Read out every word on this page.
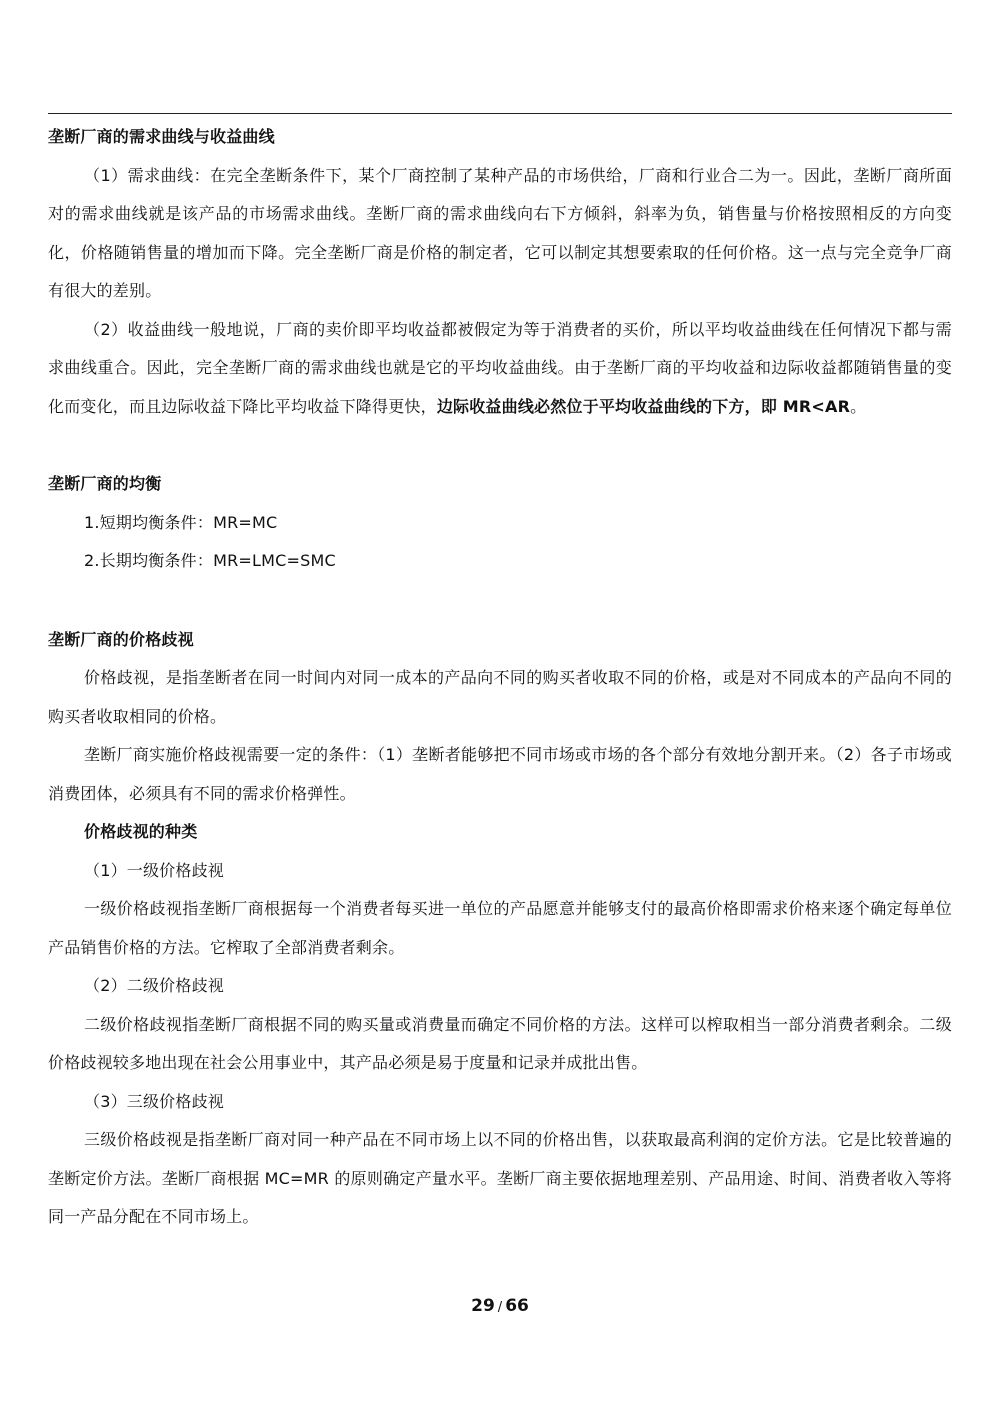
垄断厂商的需求曲线与收益曲线

（1）需求曲线：在完全垄断条件下，某个厂商控制了某种产品的市场供给，厂商和行业合二为一。因此，垄断厂商所面对的需求曲线就是该产品的市场需求曲线。垄断厂商的需求曲线向右下方倾斜，斜率为负，销售量与价格按照相反的方向变化，价格随销售量的增加而下降。完全垄断厂商是价格的制定者，它可以制定其想要索取的任何价格。这一点与完全竞争厂商有很大的差别。

（2）收益曲线一般地说，厂商的卖价即平均收益都被假定为等于消费者的买价，所以平均收益曲线在任何情况下都与需求曲线重合。因此，完全垄断厂商的需求曲线也就是它的平均收益曲线。由于垄断厂商的平均收益和边际收益都随销售量的变化而变化，而且边际收益下降比平均收益下降得更快，边际收益曲线必然位于平均收益曲线的下方，即 MR<AR。

垄断厂商的均衡

1.短期均衡条件：MR=MC

2.长期均衡条件：MR=LMC=SMC

垄断厂商的价格歧视

价格歧视，是指垄断者在同一时间内对同一成本的产品向不同的购买者收取不同的价格，或是对不同成本的产品向不同的购买者收取相同的价格。

垄断厂商实施价格歧视需要一定的条件：（1）垄断者能够把不同市场或市场的各个部分有效地分割开来。（2）各子市场或消费团体，必须具有不同的需求价格弹性。

价格歧视的种类

（1）一级价格歧视

一级价格歧视指垄断厂商根据每一个消费者每买进一单位的产品愿意并能够支付的最高价格即需求价格来逐个确定每单位产品销售价格的方法。它榨取了全部消费者剩余。

（2）二级价格歧视

二级价格歧视指垄断厂商根据不同的购买量或消费量而确定不同价格的方法。这样可以榨取相当一部分消费者剩余。二级价格歧视较多地出现在社会公用事业中，其产品必须是易于度量和记录并成批出售。

（3）三级价格歧视

三级价格歧视是指垄断厂商对同一种产品在不同市场上以不同的价格出售，以获取最高利润的定价方法。它是比较普遍的垄断定价方法。垄断厂商根据 MC=MR 的原则确定产量水平。垄断厂商主要依据地理差别、产品用途、时间、消费者收入等将同一产品分配在不同市场上。

29 / 66
